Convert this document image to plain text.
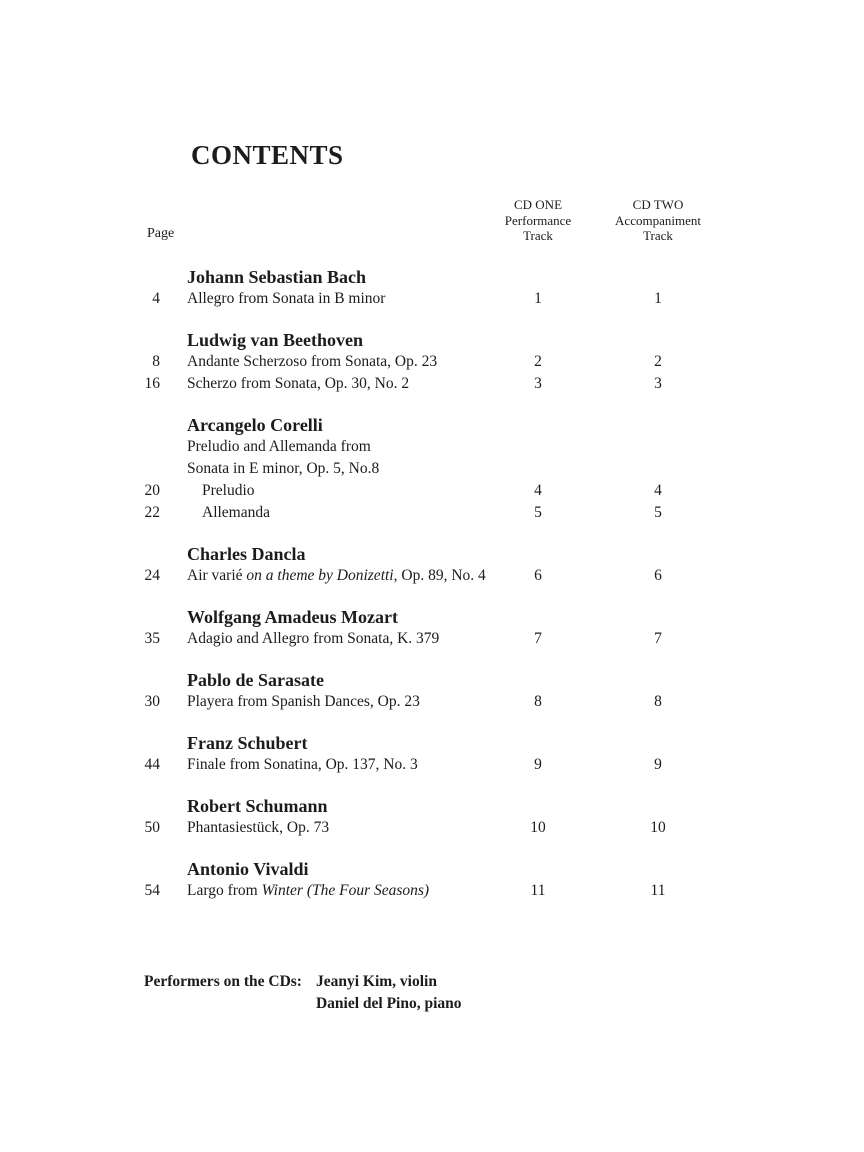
CONTENTS
Page
CD ONE
Performance
Track
CD TWO
Accompaniment
Track
Johann Sebastian Bach
4	Allegro from Sonata in B minor	1	1
Ludwig van Beethoven
8	Andante Scherzoso from Sonata, Op. 23	2	2
16	Scherzo from Sonata, Op. 30, No. 2	3	3
Arcangelo Corelli
Preludio and Allemanda from
Sonata in E minor, Op. 5, No.8
20	Preludio	4	4
22	Allemanda	5	5
Charles Dancla
24	Air varié on a theme by Donizetti, Op. 89, No. 4	6	6
Wolfgang Amadeus Mozart
35	Adagio and Allegro from Sonata, K. 379	7	7
Pablo de Sarasate
30	Playera from Spanish Dances, Op. 23	8	8
Franz Schubert
44	Finale from Sonatina, Op. 137, No. 3	9	9
Robert Schumann
50	Phantasiestück, Op. 73	10	10
Antonio Vivaldi
54	Largo from Winter (The Four Seasons)	11	11
Performers on the CDs: Jeanyi Kim, violin
Daniel del Pino, piano
